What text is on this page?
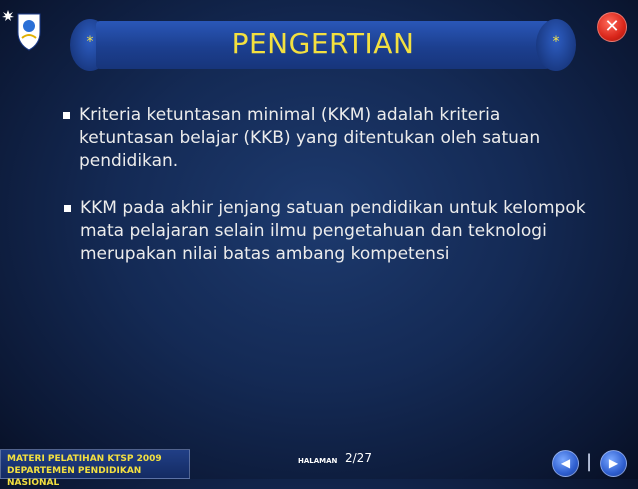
*	PENGERTIAN	*
✕
Kriteria ketuntasan minimal (KKM) adalah kriteria ketuntasan belajar (KKB) yang ditentukan oleh satuan pendidikan.
KKM pada akhir jenjang satuan pendidikan untuk kelompok mata pelajaran selain ilmu pengetahuan dan teknologi merupakan nilai batas ambang kompetensi
MATERI PELATIHAN KTSP 2009
DEPARTEMEN PENDIDIKAN NASIONAL
HALAMAN 2/27	◀ |	▶
